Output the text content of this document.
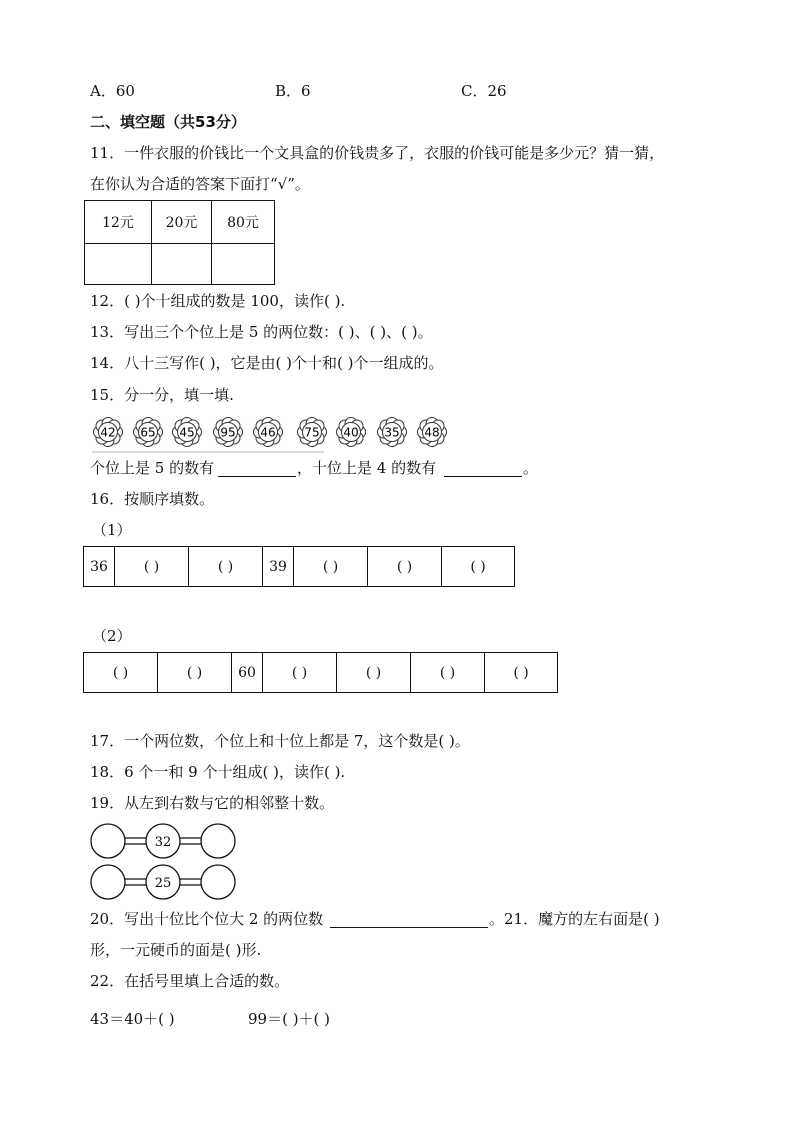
A．60	B．6	C．26
二、填空题（共53分）
11．一件衣服的价钱比一个文具盒的价钱贵多了，衣服的价钱可能是多少元？猜一猜，
在你认为合适的答案下面打“√”。
12元	20元	80元

12．( )个十组成的数是 100，读作( ).
13．写出三个个位上是 5 的两位数：( )、( )、( )。
14．八十三写作( )，它是由( )个十和( )个一组成的。
15．分一分，填一填.
42 65 45 95 46 75 40 35 48
个位上是 5 的数有	，十位上是 4 的数有	。
16．按顺序填数。
（1）
36	( )	( )	39	( )	( )	( )
（2）
( )	( )	60	( )	( )	( )	( )
17．一个两位数，个位上和十位上都是 7，这个数是( )。
18．6 个一和 9 个十组成( )，读作( ).
19．从左到右数与它的相邻整十数。
32
25
20．写出十位比个位大 2 的两位数	。21．魔方的左右面是( )
形，一元硬币的面是( )形.
22．在括号里填上合适的数。
43＝40＋( )	99＝( )＋( )
